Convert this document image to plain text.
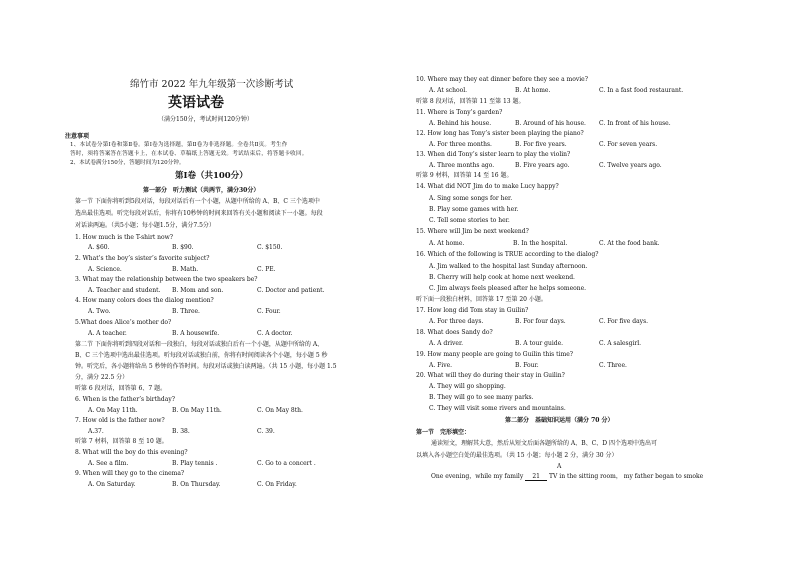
绵竹市 2022 年九年级第一次诊断考试
英语试卷
（满分150分，考试时间120分钟）
注意事项
1、本试卷分第Ⅰ卷和第Ⅱ卷。第Ⅰ卷为选择题，第Ⅱ卷为非选择题。全卷共Ⅱ页。考生作
答时，须将答案答在答题卡上，在本试卷、草稿纸上答题无效。考试结束后，将答题卡收回。
2、本试卷满分150分，答题时间为120分钟。
第Ⅰ卷（共100分）
第一部分　听力测试（共两节，满分30分）
第一节 下面你将听到5段对话，每段对话后有一个小题，从题中所给的 A、B、C 三个选项中
选出最佳选项。听完每段对话后，你将有10秒钟的时间来回答有关小题和阅读下一小题。每段
对话读两遍。（共5小题；每小题1.5分，满分7.5分）
1. How much is the T-shirt now?
A. $60.	B. $90.	C. $150.
2. What’s the boy’s sister’s favorite subject?
A. Science.	B. Math.	C. PE.
3. What may the relationship between the two speakers be?
A. Teacher and student. B. Mom and son.	C. Doctor and patient.
4. How many colors does the dialog mention?
A. Two.	B. Three.	C. Four.
5.What does Alice’s mother do?
A. A teacher.	B. A housewife.	C. A doctor.
第二节 下面你将听到四段对话和一段独白，每段对话或独白后有一个小题，从题中所给的 A、
B、C 三个选项中选出最佳选项。听每段对话或独白前，你将有时间阅读各个小题，每小题 5 秒
钟。听完后，各小题将给出 5 秒钟的作答时间。每段对话或独白读两遍。（共 15 小题，每小题 1.5
分，满分 22.5 分）
听第 6 段对话，回答第 6、7 题。
6. When is the father’s birthday?
A. On May 11th.	B. On May 11th.	C. On May 8th.
7. How old is the father now?
A.37.	B. 38.	C. 39.
听第 7 材料，回答第 8 至 10 题。
8. What will the boy do this evening?
A. See a film.	B. Play tennis .	C. Go to a concert .
9. When will they go to the cinema?
A. On Saturday.	B. On Thursday.	C. On Friday.
10. Where may they eat dinner before they see a movie?
A. At school.	B. At home.	C. In a fast food restaurant.
听第 8 段对话，回答第 11 至第 13 题。
11. Where is Tony’s garden?
A. Behind his house.	B. Around of his house. C. In front of his house.
12. How long has Tony’s sister been playing the piano?
A. For three months.	B. For five years.	C. For seven years.
13. When did Tony’s sister learn to play the violin?
A. Three months ago.	B. Five years ago.	C. Twelve years ago.
听第 9 材料，回答第 14 至 16 题。
14. What did NOT Jim do to make Lucy happy?
A. Sing some songs for her.
B. Play some games with her.
C. Tell some stories to her.
15. Where will Jim be next weekend?
A. At home.	B. In the hospital.	C. At the food bank.
16. Which of the following is TRUE according to the dialog?
A. Jim walked to the hospital last Sunday afternoon.
B. Cherry will help cook at home next weekend.
C. Jim always feels pleased after he helps someone.
听下面一段独白材料，回答第 17 至第 20 小题。
17. How long did Tom stay in Guilin?
A. For three days.	B. For four days.	C. For five days.
18. What does Sandy do?
A. A driver.	B. A tour guide.	C. A salesgirl.
19. How many people are going to Guilin this time?
A. Five.	B. Four.	C. Three.
20. What will they do during their stay in Guilin?
A. They will go shopping.
B. They will go to see many parks.
C. They will visit some rivers and mountains.
第二部分　基础知识运用（满分 70 分）
第一节　完形填空：
通读短文，理解其大意，然后从短文后面各题所给的 A、B、C、D 四个选项中选出可
以填入各小题空白处的最佳选项。（共 15 小题；每小题 2 分，满分 30 分）
A
One evening，while my family 21 TV in the sitting room， my father began to smoke
